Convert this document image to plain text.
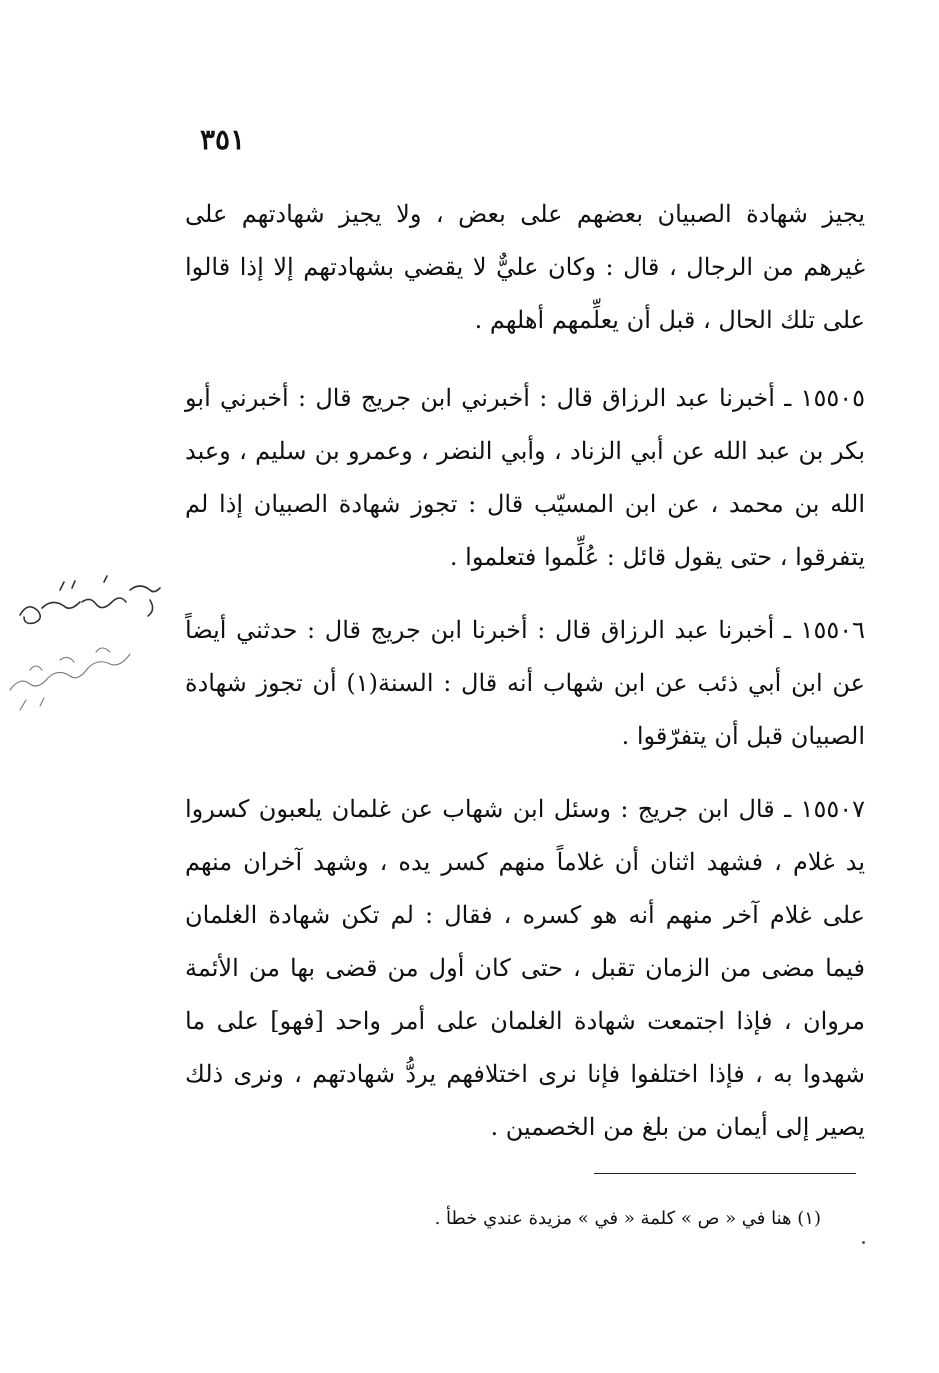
٣٥١

يجيز شهادة الصبيان بعضهم على بعض ، ولا يجيز شهادتهم على غيرهم من الرجال ، قال : وكان عليٌّ لا يقضي بشهادتهم إلا إذا قالوا على تلك الحال ، قبل أن يعلِّمهم أهلهم .

١٥٥٠٥ ـ أخبرنا عبد الرزاق قال : أخبرني ابن جريج قال : أخبرني أبو بكر بن عبد الله عن أبي الزناد ، وأبي النضر ، وعمرو بن سليم ، وعبد الله بن محمد ، عن ابن المسيّب قال : تجوز شهادة الصبيان إذا لم يتفرقوا ، حتى يقول قائل : عُلِّموا فتعلموا .

١٥٥٠٦ ـ أخبرنا عبد الرزاق قال : أخبرنا ابن جريج قال : حدثني أيضاً عن ابن أبي ذئب عن ابن شهاب أنه قال : السنة(١) أن تجوز شهادة الصبيان قبل أن يتفرّقوا .

١٥٥٠٧ ـ قال ابن جريج : وسئل ابن شهاب عن غلمان يلعبون كسروا يد غلام ، فشهد اثنان أن غلاماً منهم كسر يده ، وشهد آخران منهم على غلام آخر منهم أنه هو كسره ، فقال : لم تكن شهادة الغلمان فيما مضى من الزمان تقبل ، حتى كان أول من قضى بها من الأئمة مروان ، فإذا اجتمعت شهادة الغلمان على أمر واحد [فهو] على ما شهدوا به ، فإذا اختلفوا فإنا نرى اختلافهم يردُّ شهادتهم ، ونرى ذلك يصير إلى أيمان من بلغ من الخصمين .

(١) هنا في « ص » كلمة « في » مزيدة عندي خطأ .
